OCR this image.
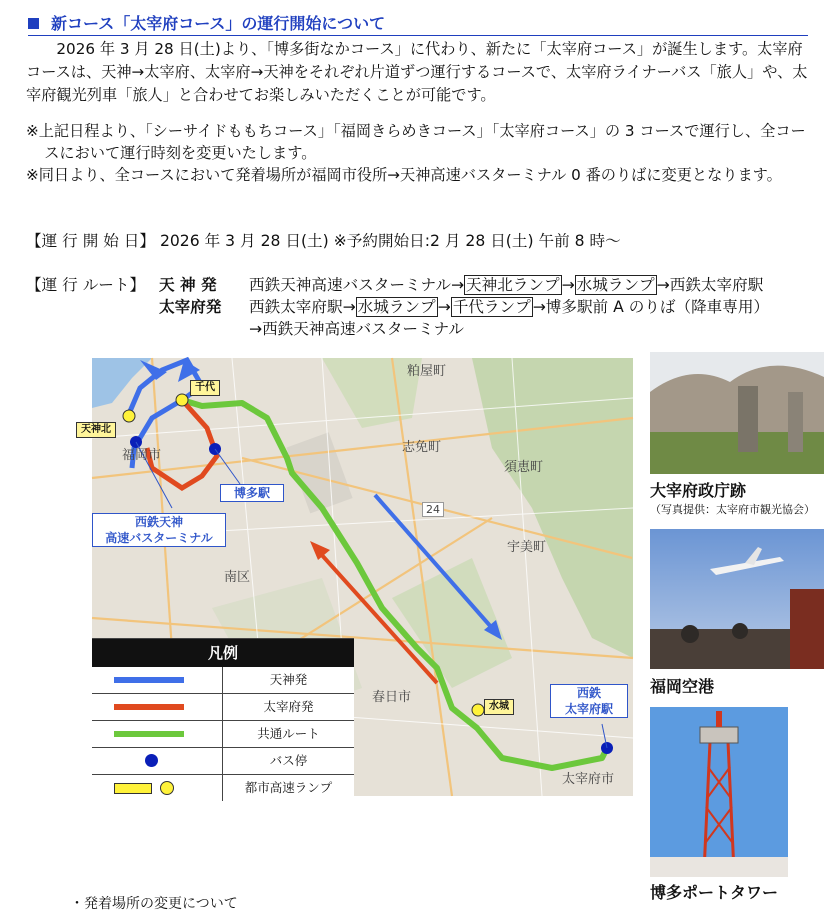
新コース「太宰府コース」の運行開始について
2026 年 3 月 28 日(土)より、「博多街なかコース」に代わり、新たに「太宰府コース」が誕生します。太宰府コースは、天神→太宰府、太宰府→天神をそれぞれ片道ずつ運行するコースで、太宰府ライナーバス「旅人」や、太宰府観光列車「旅人」と合わせてお楽しみいただくことが可能です。
※上記日程より、「シーサイドももちコース」「福岡きらめきコース」「太宰府コース」の 3 コースで運行し、全コースにおいて運行時刻を変更いたします。
※同日より、全コースにおいて発着場所が福岡市役所→天神高速バスターミナル 0 番のりばに変更となります。
【運 行 開 始 日】 2026 年 3 月 28 日(土) ※予約開始日:2 月 28 日(土) 午前 8 時～
【運 行 ルート】 天 神 発 西鉄天神高速バスターミナル→ 天神北ランプ → 水城ランプ →西鉄太宰府駅
太宰府発 西鉄太宰府駅→ 水城ランプ → 千代ランプ →博多駅前 A のりば（降車専用）
→西鉄天神高速バスターミナル
千代
天神北
水城
博多駅
西鉄天神
高速バスターミナル
西鉄
太宰府駅
粕屋町
福岡市
志免町
須恵町
宇美町
南区
春日市
太宰府市
24
凡例
天神発
太宰府発
共通ルート
バス停
都市高速ランプ
大宰府政庁跡
（写真提供：太宰府市観光協会）
福岡空港
博多ポートタワー
・発着場所の変更について
